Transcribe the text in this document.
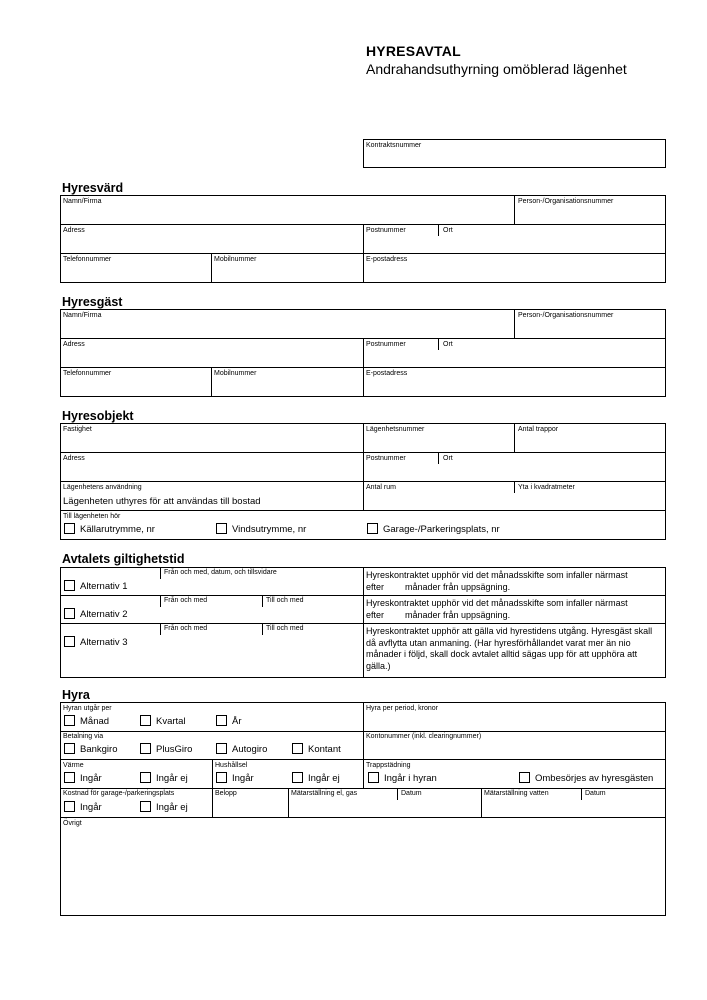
HYRESAVTAL
Andrahandsuthyrning omöblerad lägenhet
Kontraktsnummer
Hyresvärd
Namn/Firma	Person-/Organisationsnummer
Adress	Postnummer	Ort
Telefonnummer	Mobilnummer	E-postadress
Hyresgäst
Namn/Firma	Person-/Organisationsnummer
Adress	Postnummer	Ort
Telefonnummer	Mobilnummer	E-postadress
Hyresobjekt
Fastighet	Lägenhetsnummer	Antal trappor
Adress	Postnummer	Ort
Lägenhetens användning
Lägenheten uthyres för att användas till bostad
Antal rum	Yta i kvadratmeter
Till lägenheten hör
Källarutrymme, nr	Vindsutrymme, nr	Garage-/Parkeringsplats, nr
Avtalets giltighetstid
Från och med, datum, och tillsvidare
Alternativ 1
Hyreskontraktet upphör vid det månadsskifte som infaller närmast
efter månader från uppsägning.
Från och med	Till och med
Alternativ 2
Hyreskontraktet upphör vid det månadsskifte som infaller närmast
efter månader från uppsägning.
Från och med	Till och med
Alternativ 3
Hyreskontraktet upphör att gälla vid hyrestidens utgång. Hyresgäst skall då avflytta utan anmaning. (Har hyresförhållandet varat mer än nio månader i följd, skall dock avtalet alltid sägas upp för att upphöra att gälla.)
Hyra
Hyran utgår per
Månad	Kvartal	År
Hyra per period, kronor
Betalning via
Bankgiro	PlusGiro	Autogiro	Kontant
Kontonummer (inkl. clearingnummer)
Värme
Ingår	Ingår ej
Hushållsel
Ingår	Ingår ej
Trappstädning
Ingår i hyran	Ombesörjes av hyresgästen
Kostnad för garage-/parkeringsplats
Ingår	Ingår ej
Belopp	Mätarställning el, gas	Datum	Mätarställning vatten	Datum
Övrigt
